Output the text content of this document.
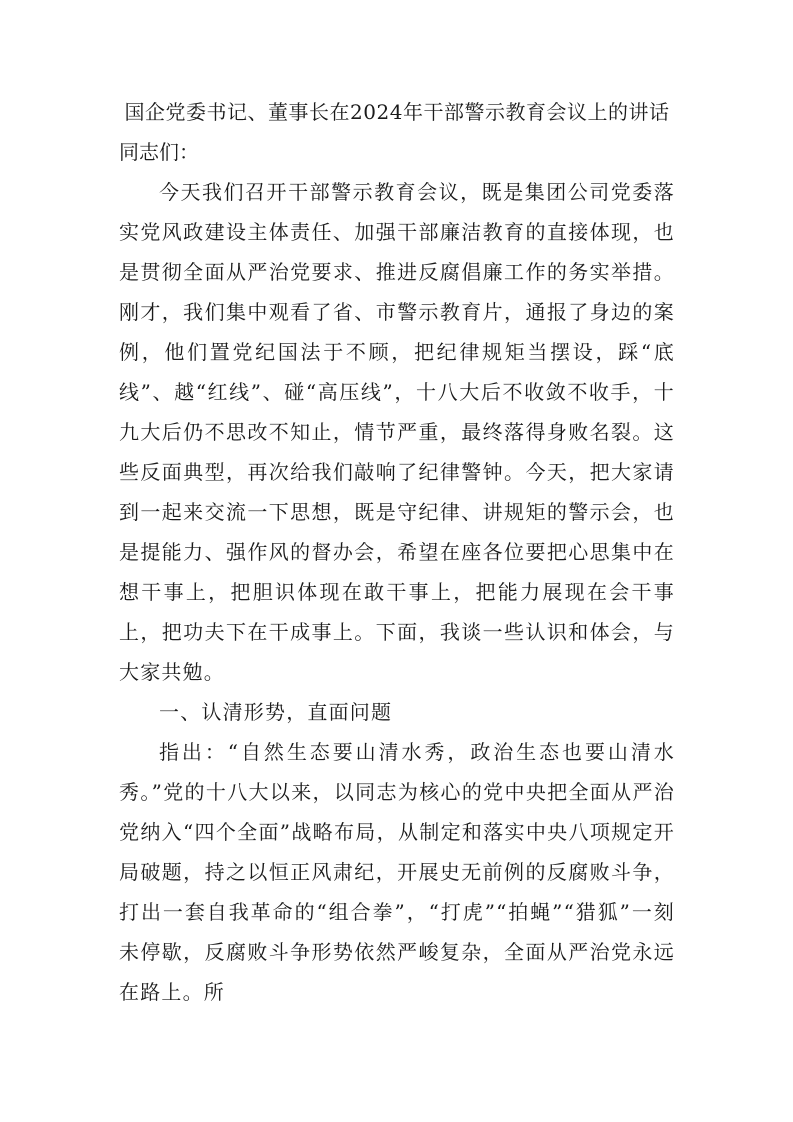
国企党委书记、董事长在2024年干部警示教育会议上的讲话

同志们：

今天我们召开干部警示教育会议，既是集团公司党委落实党风政建设主体责任、加强干部廉洁教育的直接体现，也是贯彻全面从严治党要求、推进反腐倡廉工作的务实举措。刚才，我们集中观看了省、市警示教育片，通报了身边的案例，他们置党纪国法于不顾，把纪律规矩当摆设，踩“底线”、越“红线”、碰“高压线”，十八大后不收敛不收手，十九大后仍不思改不知止，情节严重，最终落得身败名裂。这些反面典型，再次给我们敲响了纪律警钟。今天，把大家请到一起来交流一下思想，既是守纪律、讲规矩的警示会，也是提能力、强作风的督办会，希望在座各位要把心思集中在想干事上，把胆识体现在敢干事上，把能力展现在会干事上，把功夫下在干成事上。下面，我谈一些认识和体会，与大家共勉。

一、认清形势，直面问题

指出：“自然生态要山清水秀，政治生态也要山清水秀。”党的十八大以来，以同志为核心的党中央把全面从严治党纳入“四个全面”战略布局，从制定和落实中央八项规定开局破题，持之以恒正风肃纪，开展史无前例的反腐败斗争，打出一套自我革命的“组合拳”，“打虎”“拍蝇”“猎狐”一刻未停歇，反腐败斗争形势依然严峻复杂，全面从严治党永远在路上。所
